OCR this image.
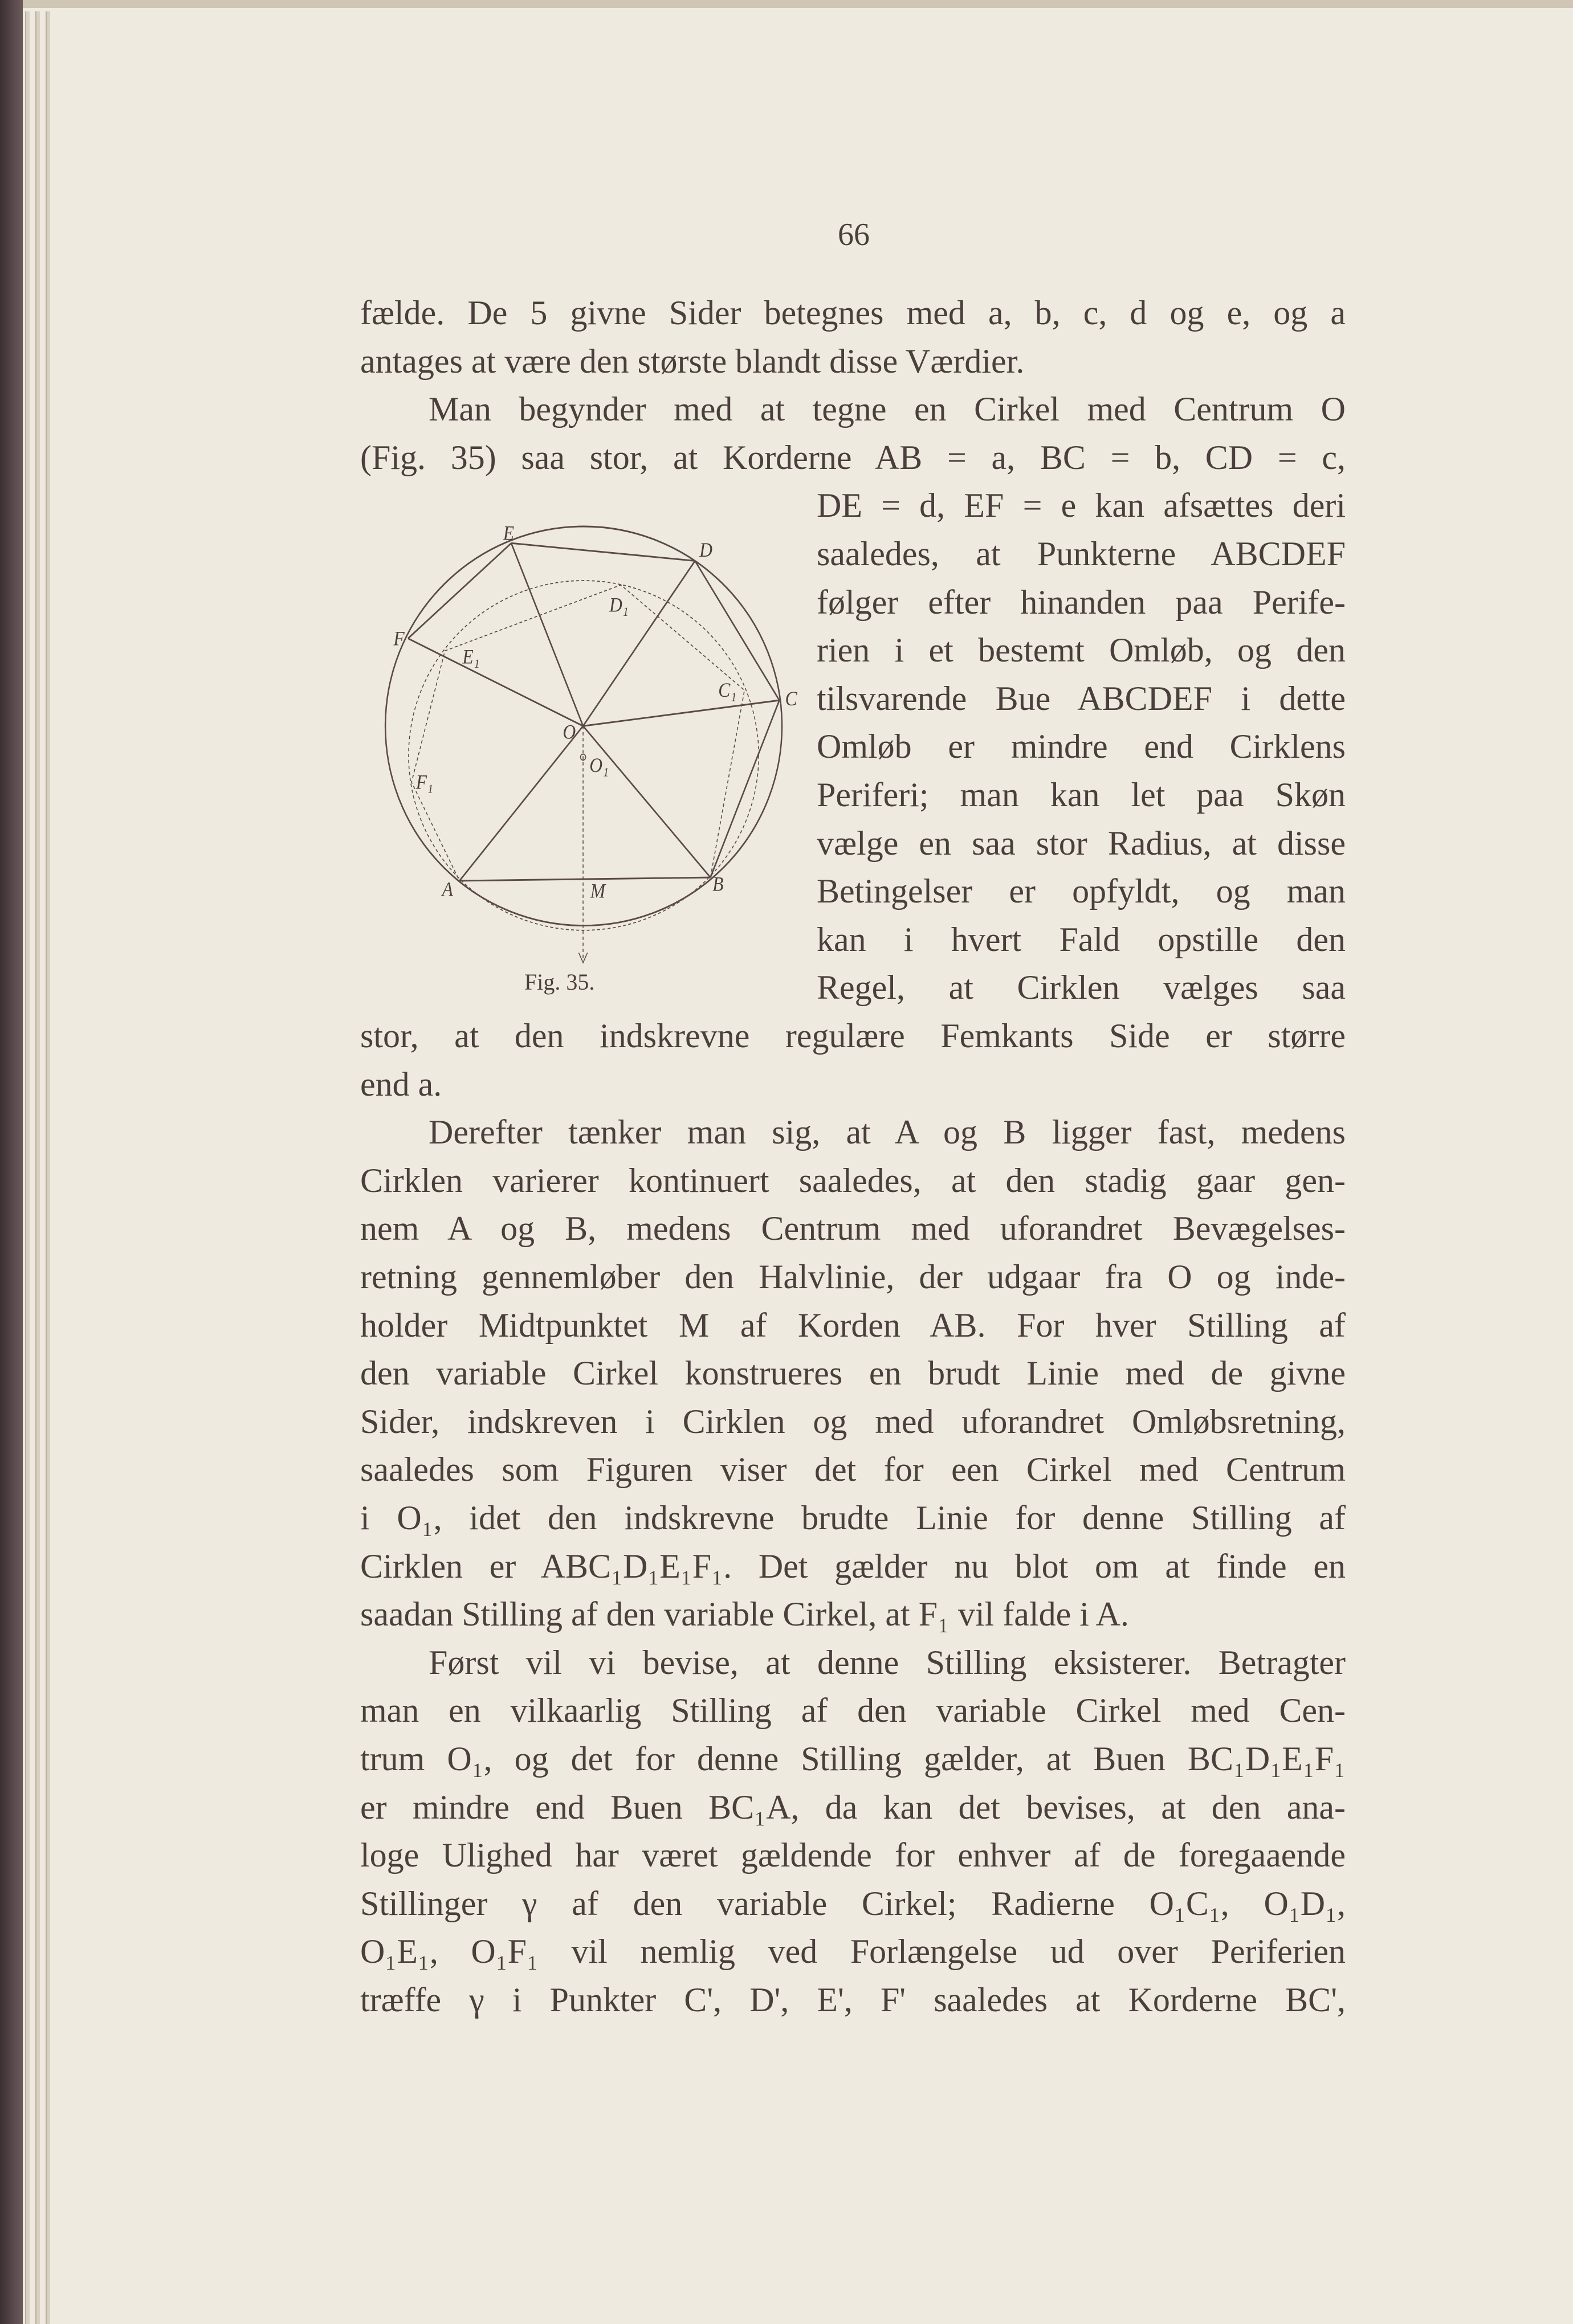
66
fælde. De 5 givne Sider betegnes med a, b, c, d og e, og a
antages at være den største blandt disse Værdier.
Man begynder med at tegne en Cirkel med Centrum O
(Fig. 35) saa stor, at Korderne AB = a, BC = b, CD = c,
DE = d, EF = e kan afsættes deri
saaledes, at Punkterne ABCDEF
følger efter hinanden paa Perife-
rien i et bestemt Omløb, og den
tilsvarende Bue ABCDEF i dette
Omløb er mindre end Cirklens
Periferi; man kan let paa Skøn
vælge en saa stor Radius, at disse
Betingelser er opfyldt, og man
kan i hvert Fald opstille den
Regel, at Cirklen vælges saa
stor, at den indskrevne regulære Femkants Side er større
end a.
Derefter tænker man sig, at A og B ligger fast, medens
Cirklen varierer kontinuert saaledes, at den stadig gaar gen-
nem A og B, medens Centrum med uforandret Bevægelses-
retning gennemløber den Halvlinie, der udgaar fra O og inde-
holder Midtpunktet M af Korden AB. For hver Stilling af
den variable Cirkel konstrueres en brudt Linie med de givne
Sider, indskreven i Cirklen og med uforandret Omløbsretning,
saaledes som Figuren viser det for een Cirkel med Centrum
i O₁, idet den indskrevne brudte Linie for denne Stilling af
Cirklen er ABC₁D₁E₁F₁. Det gælder nu blot om at finde en
saadan Stilling af den variable Cirkel, at F₁ vil falde i A.
Først vil vi bevise, at denne Stilling eksisterer. Betragter
man en vilkaarlig Stilling af den variable Cirkel med Cen-
trum O₁, og det for denne Stilling gælder, at Buen BC₁D₁E₁F₁
er mindre end Buen BC₁A, da kan det bevises, at den ana-
loge Ulighed har været gældende for enhver af de foregaaende
Stillinger γ af den variable Cirkel; Radierne O₁C₁, O₁D₁,
O₁E₁, O₁F₁ vil nemlig ved Forlængelse ud over Periferien
træffe γ i Punkter C', D', E', F' saaledes at Korderne BC',
E
D
F
E₁
D₁
C₁ C
O
O₁
F₁
A	M	B
Fig. 35.
